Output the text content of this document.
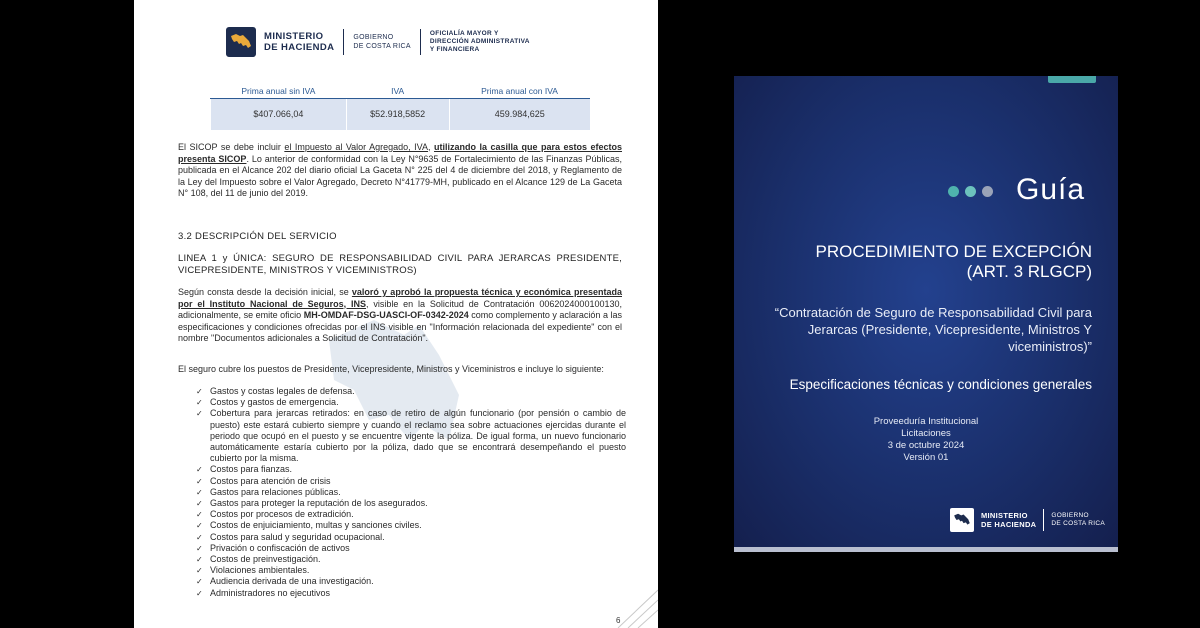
MINISTERIO
DE HACIENDA
GOBIERNO
DE COSTA RICA
OFICIALÍA MAYOR Y
DIRECCIÓN ADMINISTRATIVA
Y FINANCIERA
Prima anual sin IVA	IVA	Prima anual con IVA
$407.066,04	$52.918,5852	459.984,625

El SICOP se debe incluir el Impuesto al Valor Agregado, IVA, utilizando la casilla que para estos efectos presenta SICOP. Lo anterior de conformidad con la Ley N°9635 de Fortalecimiento de las Finanzas Públicas, publicada en el Alcance 202 del diario oficial La Gaceta N° 225 del 4 de diciembre del 2018, y Reglamento de la Ley del Impuesto sobre el Valor Agregado, Decreto N°41779-MH, publicado en el Alcance 129 de La Gaceta N° 108, del 11 de junio del 2019.

3.2 DESCRIPCIÓN DEL SERVICIO
LINEA 1 y ÚNICA: SEGURO DE RESPONSABILIDAD CIVIL PARA JERARCAS PRESIDENTE, VICEPRESIDENTE, MINISTROS Y VICEMINISTROS)

Según consta desde la decisión inicial, se valoró y aprobó la propuesta técnica y económica presentada por el Instituto Nacional de Seguros, INS, visible en la Solicitud de Contratación 0062024000100130, adicionalmente, se emite oficio MH-OMDAF-DSG-UASCI-OF-0342-2024 como complemento y aclaración a las especificaciones y condiciones ofrecidas por el INS visible en "Información relacionada del expediente" con el nombre "Documentos adicionales a Solicitud de Contratación".

El seguro cubre los puestos de Presidente, Vicepresidente, Ministros y Viceministros e incluye lo siguiente:

✓ Gastos y costas legales de defensa.
✓ Costos y gastos de emergencia.
✓ Cobertura para jerarcas retirados: en caso de retiro de algún funcionario (por pensión o cambio de puesto) este estará cubierto siempre y cuando el reclamo sea sobre actuaciones ejercidas durante el periodo que ocupó en el puesto y se encuentre vigente la póliza. De igual forma, un nuevo funcionario automáticamente estaría cubierto por la póliza, dado que se encontrará desempeñando el puesto cubierto por la misma.
✓ Costos para fianzas.
✓ Costos para atención de crisis
✓ Gastos para relaciones públicas.
✓ Gastos para proteger la reputación de los asegurados.
✓ Costos por procesos de extradición.
✓ Costos de enjuiciamiento, multas y sanciones civiles.
✓ Costos para salud y seguridad ocupacional.
✓ Privación o confiscación de activos
✓ Costos de preinvestigación.
✓ Violaciones ambientales.
✓ Audiencia derivada de una investigación.
✓ Administradores no ejecutivos
6
Guía
PROCEDIMIENTO DE EXCEPCIÓN
(ART. 3 RLGCP)
“Contratación de Seguro de Responsabilidad Civil para Jerarcas (Presidente, Vicepresidente, Ministros Y viceministros)”
Especificaciones técnicas y condiciones generales
Proveeduría Institucional
Licitaciones
3 de octubre 2024
Versión 01
MINISTERIO
DE HACIENDA
GOBIERNO
DE COSTA RICA
